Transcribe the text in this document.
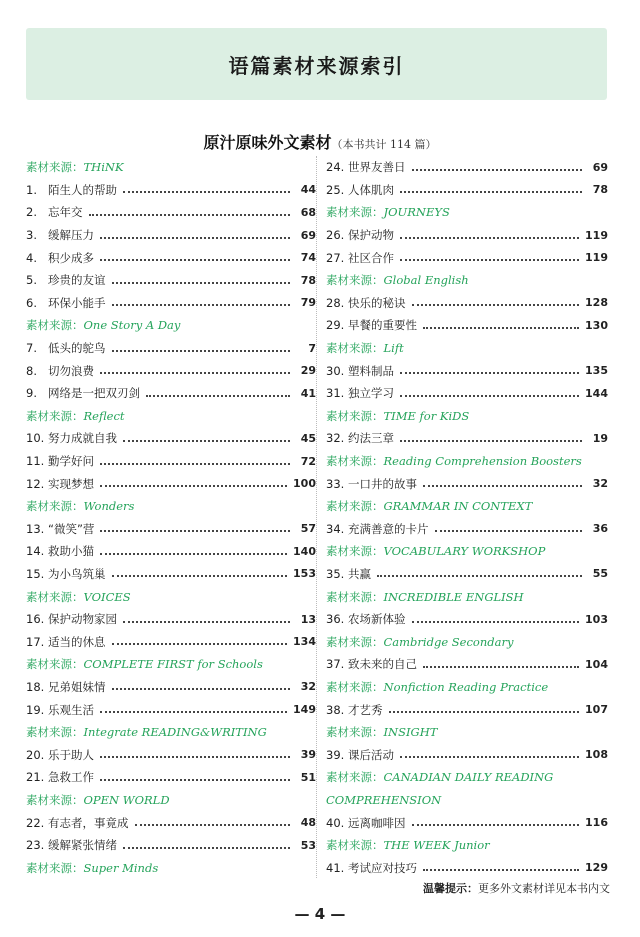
语篇素材来源索引
原汁原味外文素材（本书共计 114 篇）
素材来源： THiNK
1. 陌生人的帮助	44
2. 忘年交	68
3. 缓解压力	69
4. 积少成多	74
5. 珍贵的友谊	78
6. 环保小能手	79
素材来源： One Story A Day
7. 低头的鸵鸟	7
8. 切勿浪费	29
9. 网络是一把双刃剑	41
素材来源： Reflect
10. 努力成就自我	45
11. 勤学好问	72
12. 实现梦想	100
素材来源： Wonders
13. “微笑”营	57
14. 救助小猫	140
15. 为小鸟筑巢	153
素材来源： VOICES
16. 保护动物家园	13
17. 适当的休息	134
素材来源： COMPLETE FIRST for Schools
18. 兄弟姐妹情	32
19. 乐观生活	149
素材来源： Integrate READING&WRITING
20. 乐于助人	39
21. 急救工作	51
素材来源： OPEN WORLD
22. 有志者，事竟成	48
23. 缓解紧张情绪	53
素材来源： Super Minds
24. 世界友善日	69
25. 人体肌肉	78
素材来源： JOURNEYS
26. 保护动物	119
27. 社区合作	119
素材来源： Global English
28. 快乐的秘诀	128
29. 早餐的重要性	130
素材来源： Lift
30. 塑料制品	135
31. 独立学习	144
素材来源： TIME for KiDS
32. 约法三章	19
素材来源： Reading Comprehension Boosters
33. 一口井的故事	32
素材来源： GRAMMAR IN CONTEXT
34. 充满善意的卡片	36
素材来源： VOCABULARY WORKSHOP
35. 共赢	55
素材来源： INCREDIBLE ENGLISH
36. 农场新体验	103
素材来源： Cambridge Secondary
37. 致未来的自己	104
素材来源： Nonfiction Reading Practice
38. 才艺秀	107
素材来源： INSIGHT
39. 课后活动	108
素材来源：CANADIAN DAILY READING COMPREHENSION
40. 远离咖啡因	116
素材来源： THE WEEK Junior
41. 考试应对技巧	129
温馨提示：更多外文素材详见本书内文
— 4 —
